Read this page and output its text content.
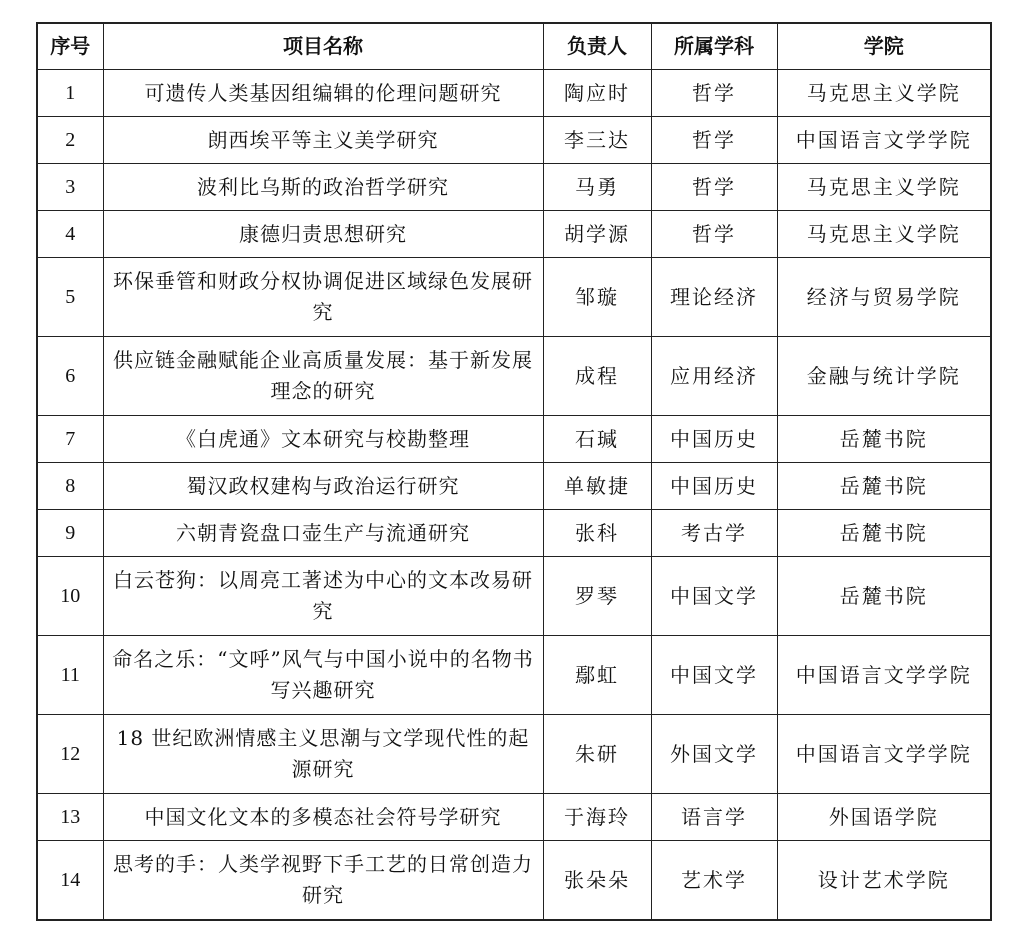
序号	项目名称	负责人	所属学科	学院
1	可遗传人类基因组编辑的伦理问题研究	陶应时	哲学	马克思主义学院
2	朗西埃平等主义美学研究	李三达	哲学	中国语言文学学院
3	波利比乌斯的政治哲学研究	马勇	哲学	马克思主义学院
4	康德归责思想研究	胡学源	哲学	马克思主义学院
5	环保垂管和财政分权协调促进区域绿色发展研究	邹璇	理论经济	经济与贸易学院
6	供应链金融赋能企业高质量发展：基于新发展理念的研究	成程	应用经济	金融与统计学院
7	《白虎通》文本研究与校勘整理	石瑊	中国历史	岳麓书院
8	蜀汉政权建构与政治运行研究	单敏捷	中国历史	岳麓书院
9	六朝青瓷盘口壶生产与流通研究	张科	考古学	岳麓书院
10	白云苍狗：以周亮工著述为中心的文本改易研究	罗琴	中国文学	岳麓书院
11	命名之乐：“文呼”风气与中国小说中的名物书写兴趣研究	鄢虹	中国文学	中国语言文学学院
12	18 世纪欧洲情感主义思潮与文学现代性的起源研究	朱研	外国文学	中国语言文学学院
13	中国文化文本的多模态社会符号学研究	于海玲	语言学	外国语学院
14	思考的手：人类学视野下手工艺的日常创造力研究	张朵朵	艺术学	设计艺术学院
